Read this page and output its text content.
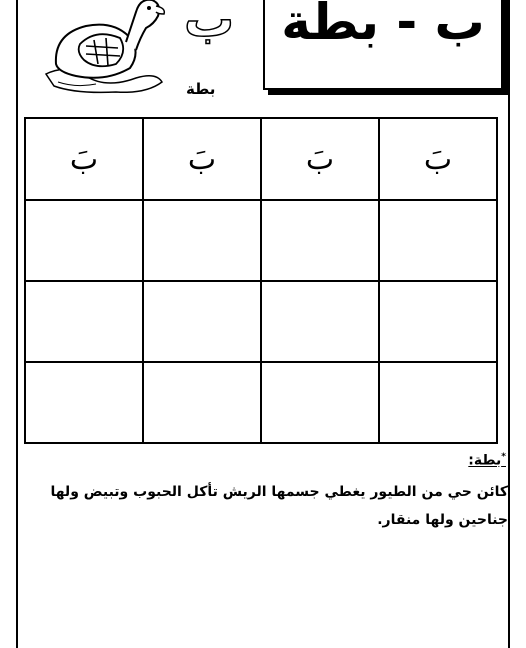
ب
بطة
ب - بطة
بَ	بَ	بَ	بَ

*بطة:
كائن حي من الطيور يغطي جسمها الريش تأكل الحبوب وتبيض ولها جناحين ولها منقار.
